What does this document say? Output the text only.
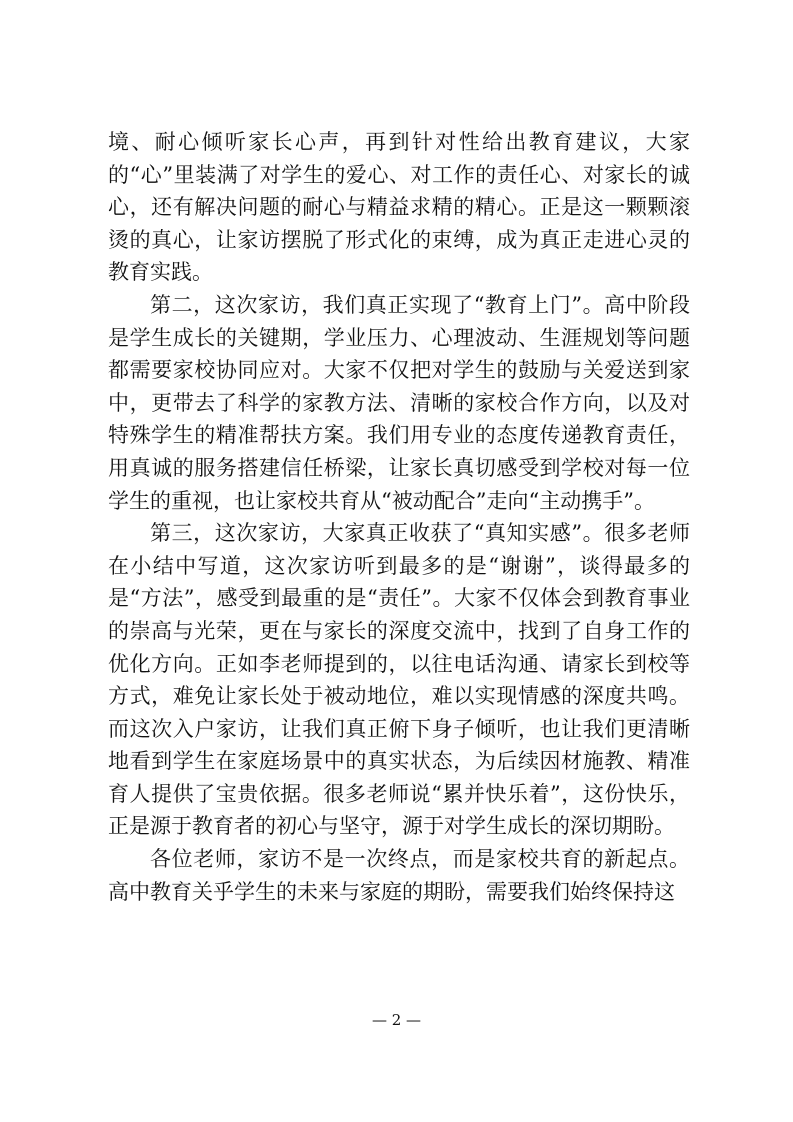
境、耐心倾听家长心声，再到针对性给出教育建议，大家的“心”里装满了对学生的爱心、对工作的责任心、对家长的诚心，还有解决问题的耐心与精益求精的精心。正是这一颗颗滚烫的真心，让家访摆脱了形式化的束缚，成为真正走进心灵的教育实践。

第二，这次家访，我们真正实现了“教育上门”。高中阶段是学生成长的关键期，学业压力、心理波动、生涯规划等问题都需要家校协同应对。大家不仅把对学生的鼓励与关爱送到家中，更带去了科学的家教方法、清晰的家校合作方向，以及对特殊学生的精准帮扶方案。我们用专业的态度传递教育责任，用真诚的服务搭建信任桥梁，让家长真切感受到学校对每一位学生的重视，也让家校共育从“被动配合”走向“主动携手”。

第三，这次家访，大家真正收获了“真知实感”。很多老师在小结中写道，这次家访听到最多的是“谢谢”，谈得最多的是“方法”，感受到最重的是“责任”。大家不仅体会到教育事业的崇高与光荣，更在与家长的深度交流中，找到了自身工作的优化方向。正如李老师提到的，以往电话沟通、请家长到校等方式，难免让家长处于被动地位，难以实现情感的深度共鸣。而这次入户家访，让我们真正俯下身子倾听，也让我们更清晰地看到学生在家庭场景中的真实状态，为后续因材施教、精准育人提供了宝贵依据。很多老师说“累并快乐着”，这份快乐，正是源于教育者的初心与坚守，源于对学生成长的深切期盼。

各位老师，家访不是一次终点，而是家校共育的新起点。高中教育关乎学生的未来与家庭的期盼，需要我们始终保持这

— 2 —
